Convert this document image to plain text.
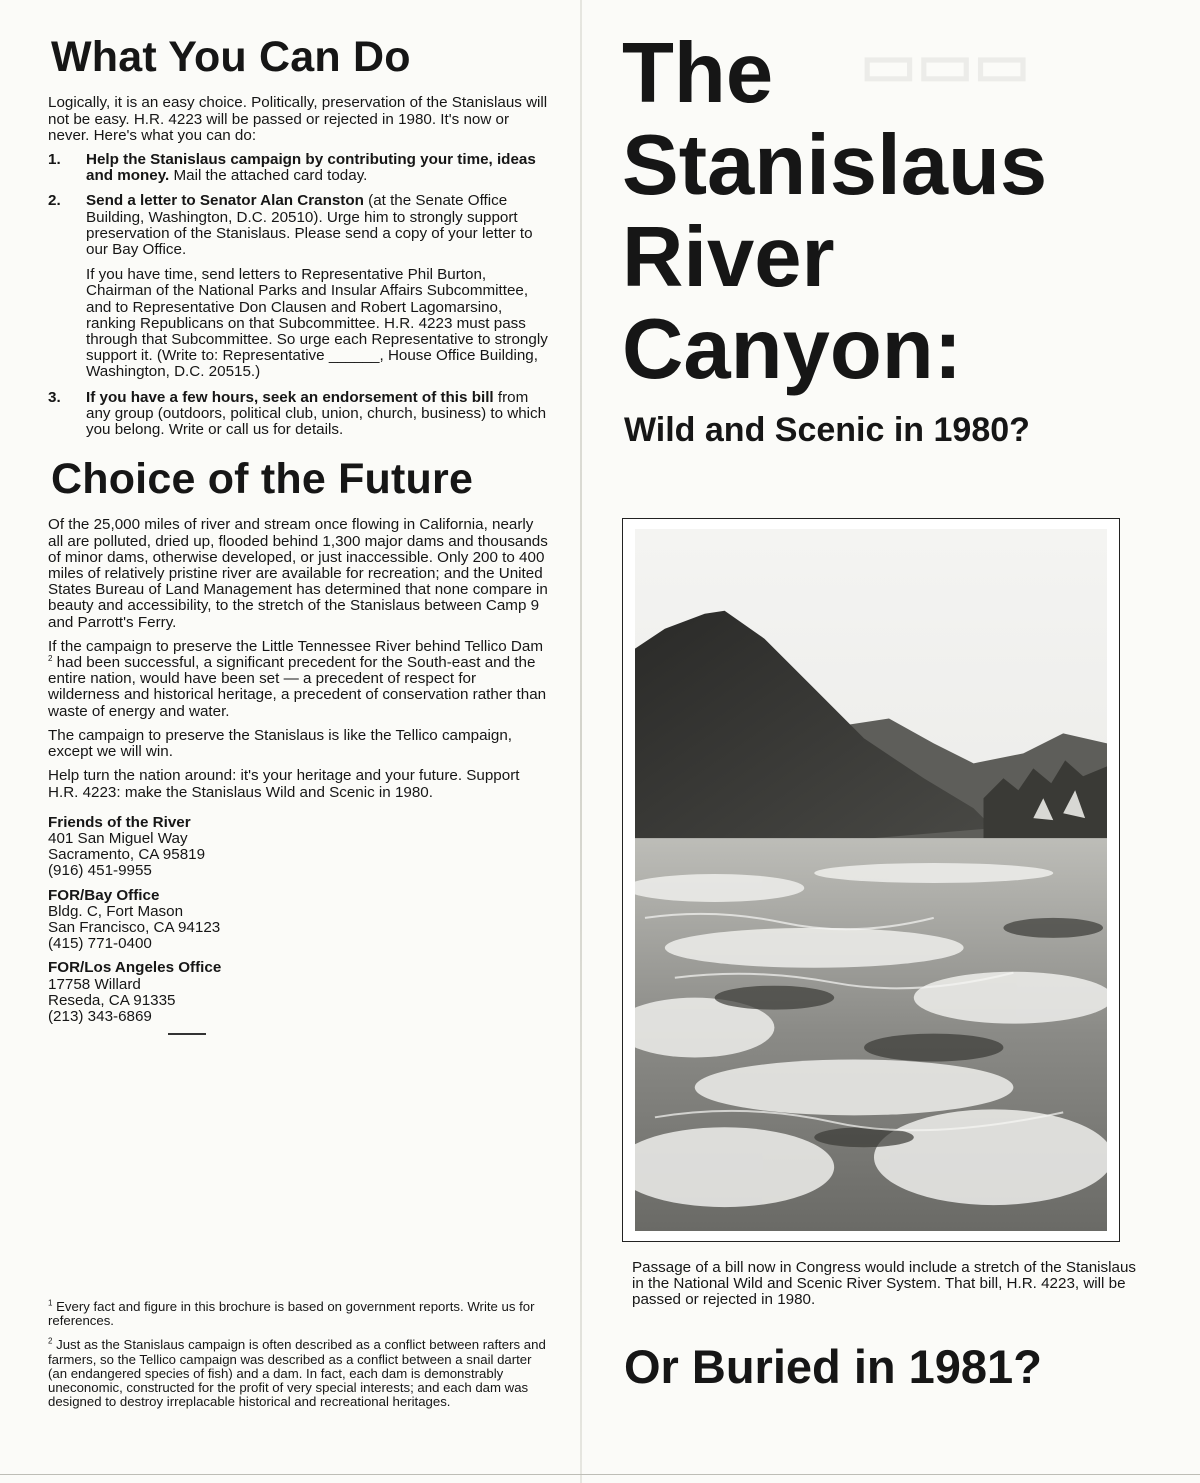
▭▭▭
What You Can Do

Logically, it is an easy choice. Politically, preservation of the Stanislaus will not be easy. H.R. 4223 will be passed or rejected in 1980. It's now or never. Here's what you can do:

1.	Help the Stanislaus campaign by contributing your time, ideas and money. Mail the attached card today.
2.	Send a letter to Senator Alan Cranston (at the Senate Office Building, Washington, D.C. 20510). Urge him to strongly support preservation of the Stanislaus. Please send a copy of your letter to our Bay Office.
If you have time, send letters to Representative Phil Burton, Chairman of the National Parks and Insular Affairs Subcommittee, and to Representative Don Clausen and Robert Lagomarsino, ranking Republicans on that Subcommittee. H.R. 4223 must pass through that Subcommittee. So urge each Representative to strongly support it. (Write to: Representative ______, House Office Building, Washington, D.C. 20515.)
3.	If you have a few hours, seek an endorsement of this bill from any group (outdoors, political club, union, church, business) to which you belong. Write or call us for details.
Choice of the Future

Of the 25,000 miles of river and stream once flowing in California, nearly all are polluted, dried up, flooded behind 1,300 major dams and thousands of minor dams, otherwise developed, or just inaccessible. Only 200 to 400 miles of relatively pristine river are available for recreation; and the United States Bureau of Land Management has determined that none compare in beauty and accessibility, to the stretch of the Stanislaus between Camp 9 and Parrott's Ferry.

If the campaign to preserve the Little Tennessee River behind Tellico Dam $^2$ had been successful, a significant precedent for the South-east and the entire nation, would have been set — a precedent of respect for wilderness and historical heritage, a precedent of conservation rather than waste of energy and water.

The campaign to preserve the Stanislaus is like the Tellico campaign, except we will win.

Help turn the nation around: it's your heritage and your future. Support H.R. 4223: make the Stanislaus Wild and Scenic in 1980.

Friends of the River
401 San Miguel Way
Sacramento, CA 95819
(916) 451-9955
FOR/Bay Office
Bldg. C, Fort Mason
San Francisco, CA 94123
(415) 771-0400
FOR/Los Angeles Office
17758 Willard
Reseda, CA 91335
(213) 343-6869
$^1$ Every fact and figure in this brochure is based on government reports. Write us for references.
$^2$ Just as the Stanislaus campaign is often described as a conflict between rafters and farmers, so the Tellico campaign was described as a conflict between a snail darter (an endangered species of fish) and a dam. In fact, each dam is demonstrably uneconomic, constructed for the profit of very special interests; and each dam was designed to destroy irreplacable historical and recreational heritages.
The
Stanislaus
River
Canyon:
Wild and Scenic in 1980?
Passage of a bill now in Congress would include a stretch of the Stanislaus in the National Wild and Scenic River System. That bill, H.R. 4223, will be passed or rejected in 1980.
Or Buried in 1981?
